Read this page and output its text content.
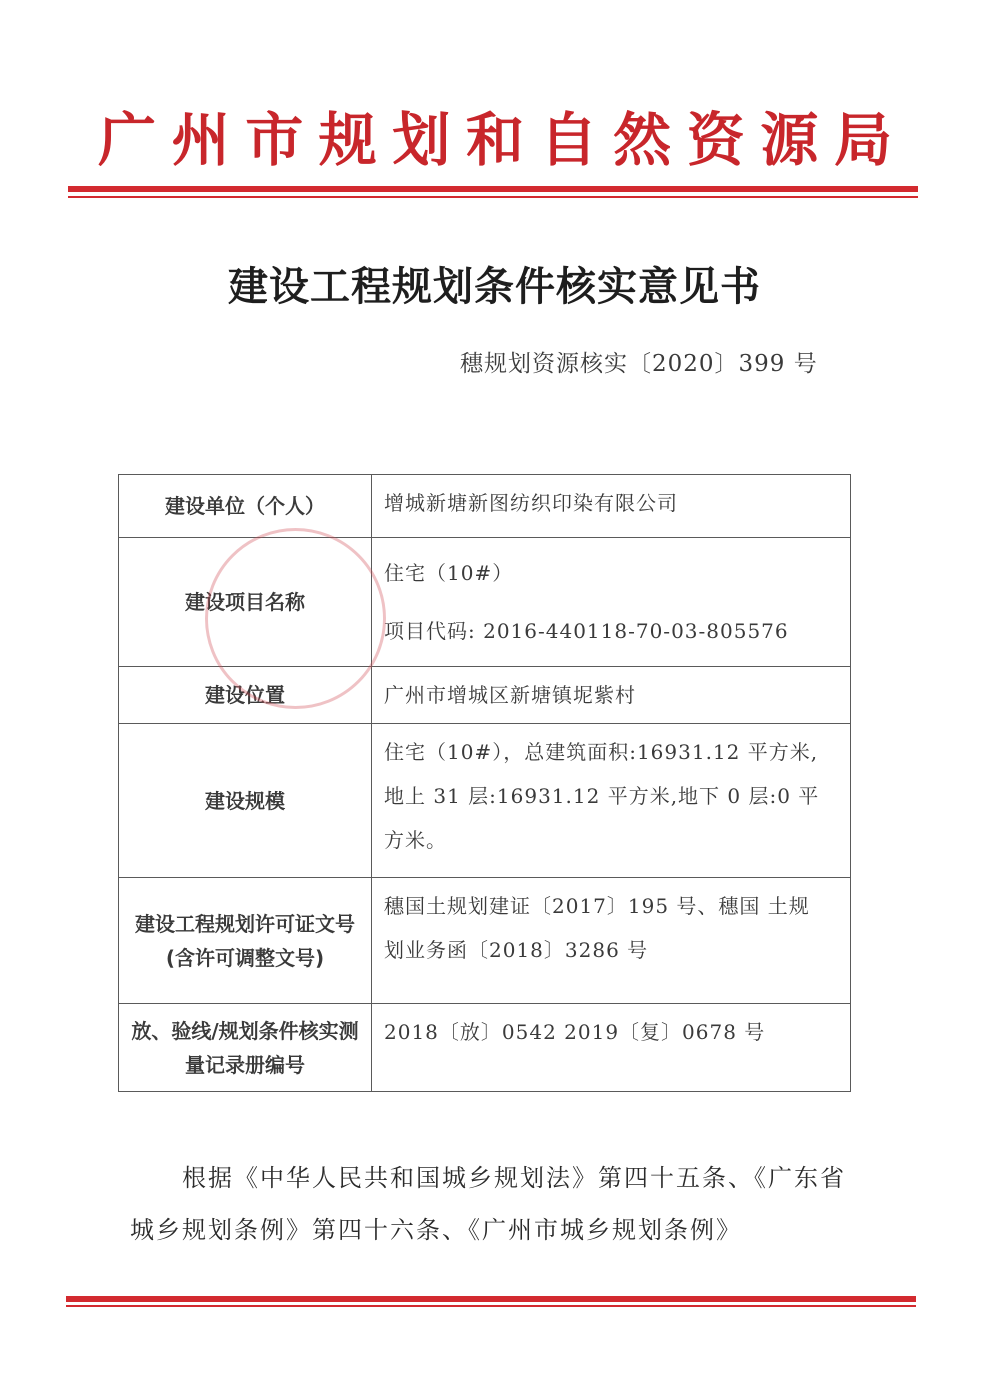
广 州 市 规 划 和 自 然 资 源 局
建设工程规划条件核实意见书
穗规划资源核实〔2020〕399 号
建设单位（个人）	增城新塘新图纺织印染有限公司

建设项目名称	住宅（10#）
项目代码: 2016-440118-70-03-805576

建设位置	广州市增城区新塘镇坭紫村

建设规模	住宅（10#），总建筑面积:16931.12 平方米,
地上 31 层:16931.12 平方米,地下 0 层:0 平
方米。

建设工程规划许可证文号(含许可调整文号)	穗国土规划建证〔2017〕195 号、穗国 土规
划业务函〔2018〕3286 号

放、验线/规划条件核实测量记录册编号	2018〔放〕0542 2019〔复〕0678 号
根据《中华人民共和国城乡规划法》第四十五条、《广东省城乡规划条例》第四十六条、《广州市城乡规划条例》
